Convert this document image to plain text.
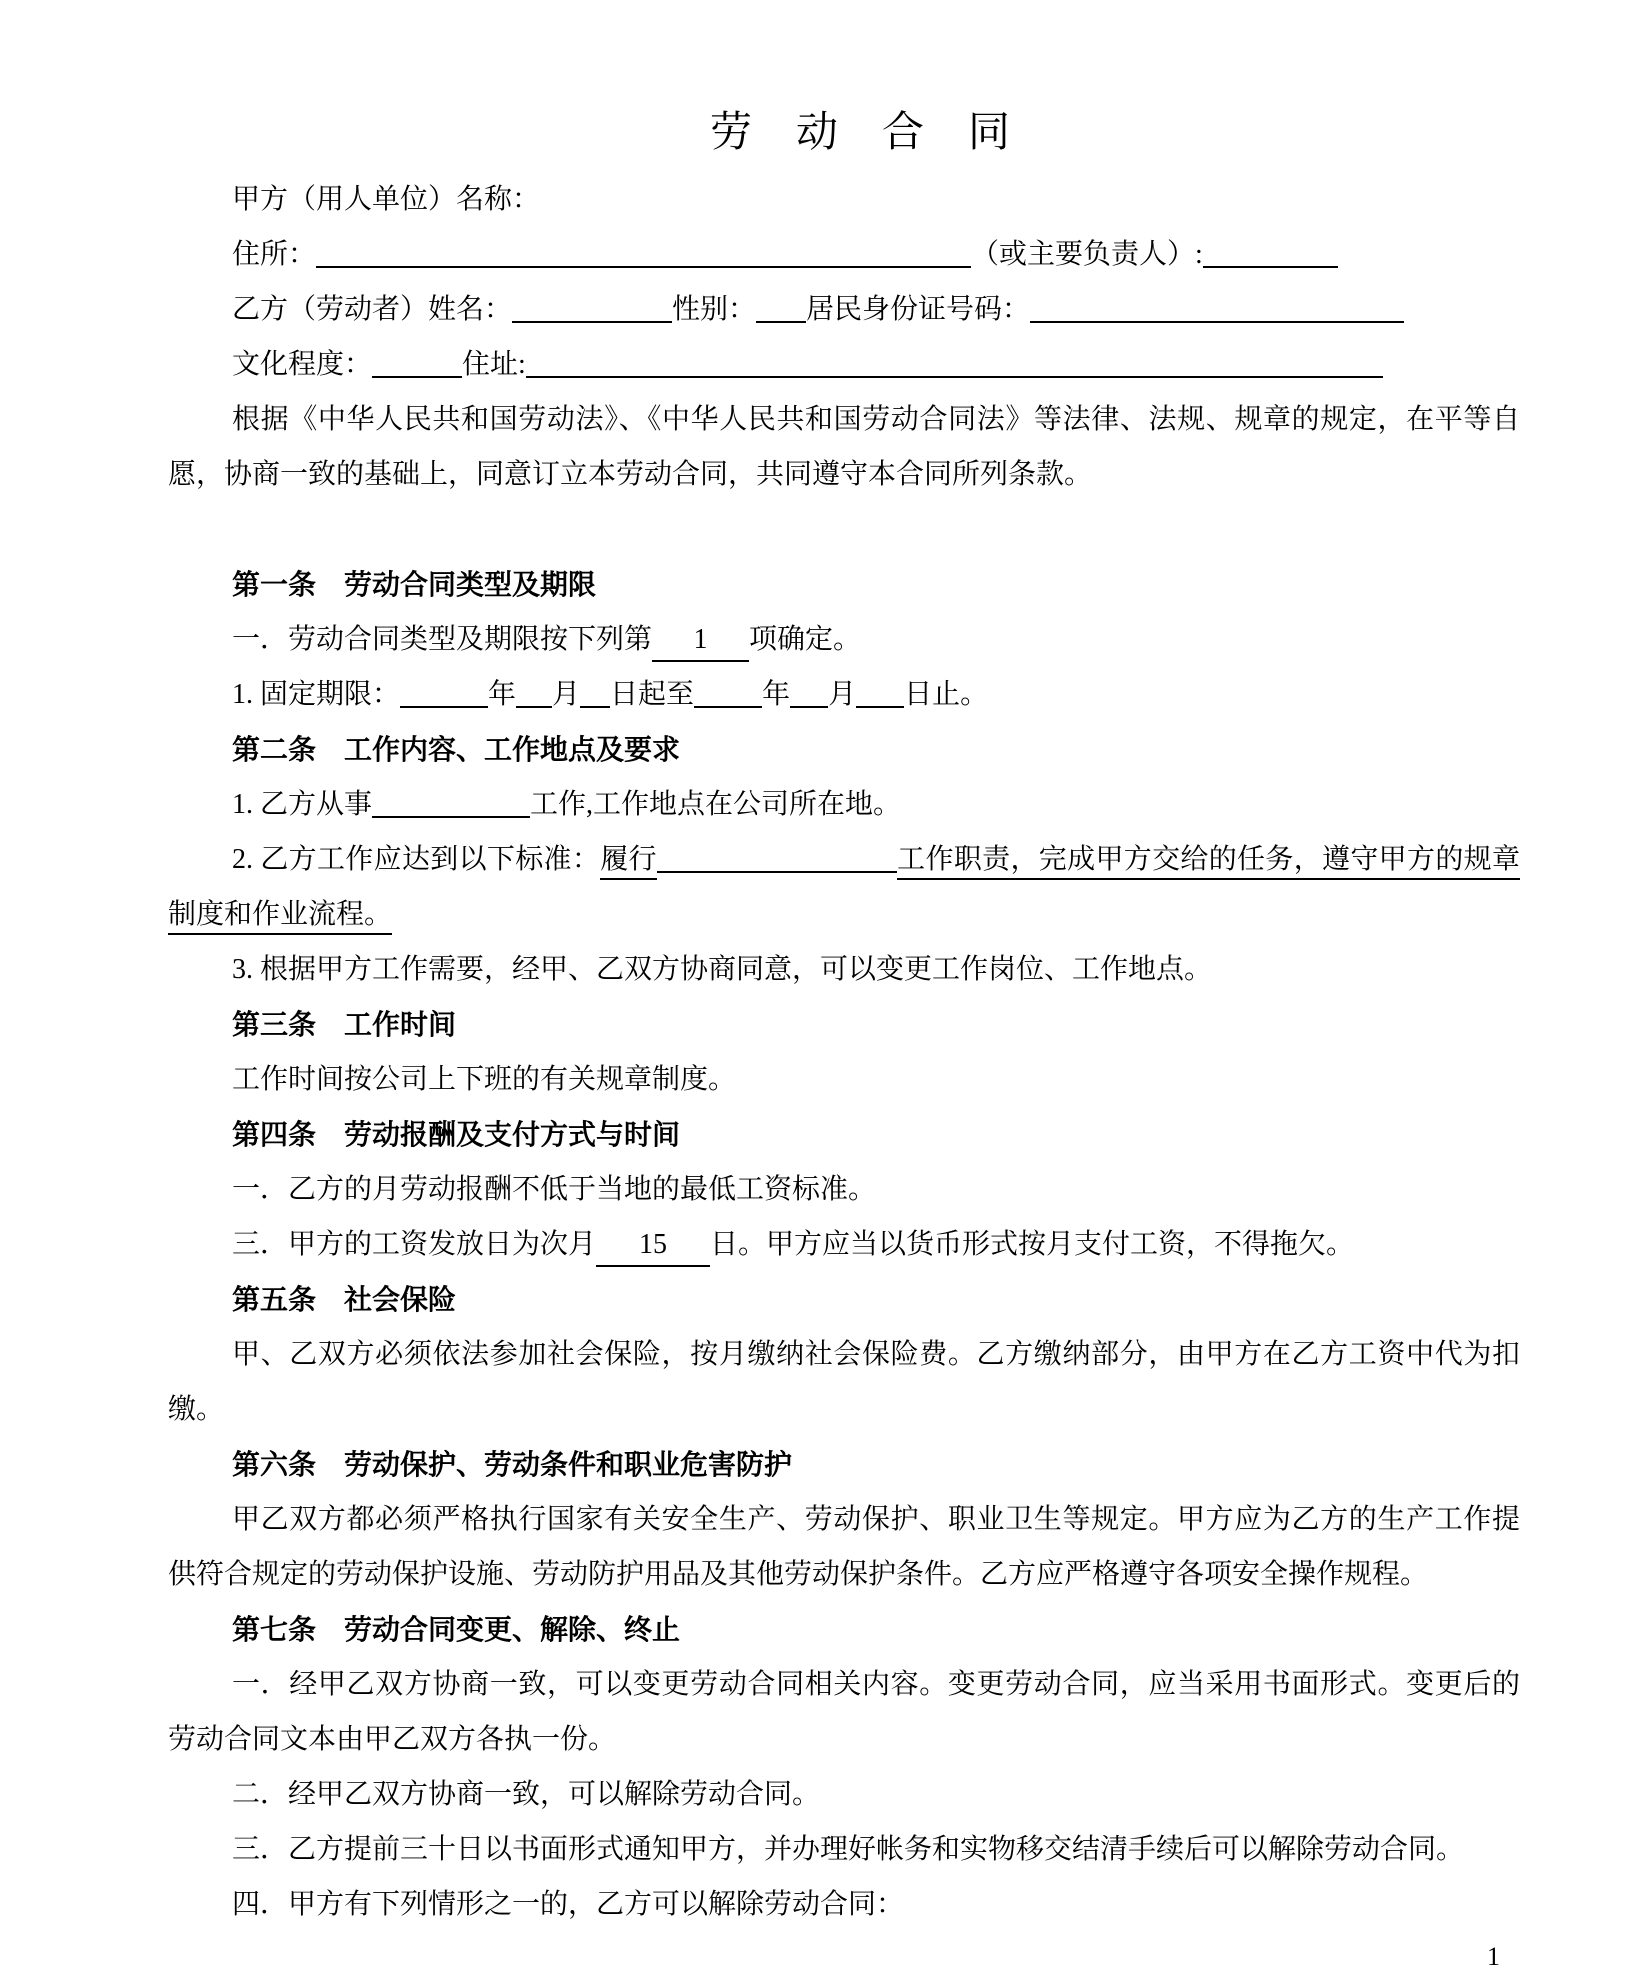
劳动合同
甲方（用人单位）名称：
住所：	（或主要负责人）:
乙方（劳动者）姓名：	性别： 居民身份证号码：
文化程度：	住址:
根据《中华人民共和国劳动法》、《中华人民共和国劳动合同法》等法律、法规、规章的规定，在平等自
愿，协商一致的基础上，同意订立本劳动合同，共同遵守本合同所列条款。
第一条　劳动合同类型及期限
一．劳动合同类型及期限按下列第 1 项确定。
1. 固定期限：	年 月 日起至 年 月 日止。
第二条　工作内容、工作地点及要求
1. 乙方从事	工作,工作地点在公司所在地。
2. 乙方工作应达到以下标准：履行	工作职责，完成甲方交给的任务，遵守甲方的规章
制度和作业流程。
3. 根据甲方工作需要，经甲、乙双方协商同意，可以变更工作岗位、工作地点。
第三条　工作时间
工作时间按公司上下班的有关规章制度。
第四条　劳动报酬及支付方式与时间
一．乙方的月劳动报酬不低于当地的最低工资标准。
三．甲方的工资发放日为次月 15 日。甲方应当以货币形式按月支付工资，不得拖欠。
第五条　社会保险
甲、乙双方必须依法参加社会保险，按月缴纳社会保险费。乙方缴纳部分，由甲方在乙方工资中代为扣
缴。
第六条　劳动保护、劳动条件和职业危害防护
甲乙双方都必须严格执行国家有关安全生产、劳动保护、职业卫生等规定。甲方应为乙方的生产工作提
供符合规定的劳动保护设施、劳动防护用品及其他劳动保护条件。乙方应严格遵守各项安全操作规程。
第七条　劳动合同变更、解除、终止
一．经甲乙双方协商一致，可以变更劳动合同相关内容。变更劳动合同，应当采用书面形式。变更后的
劳动合同文本由甲乙双方各执一份。
二．经甲乙双方协商一致，可以解除劳动合同。
三．乙方提前三十日以书面形式通知甲方，并办理好帐务和实物移交结清手续后可以解除劳动合同。
四．甲方有下列情形之一的，乙方可以解除劳动合同：
1
